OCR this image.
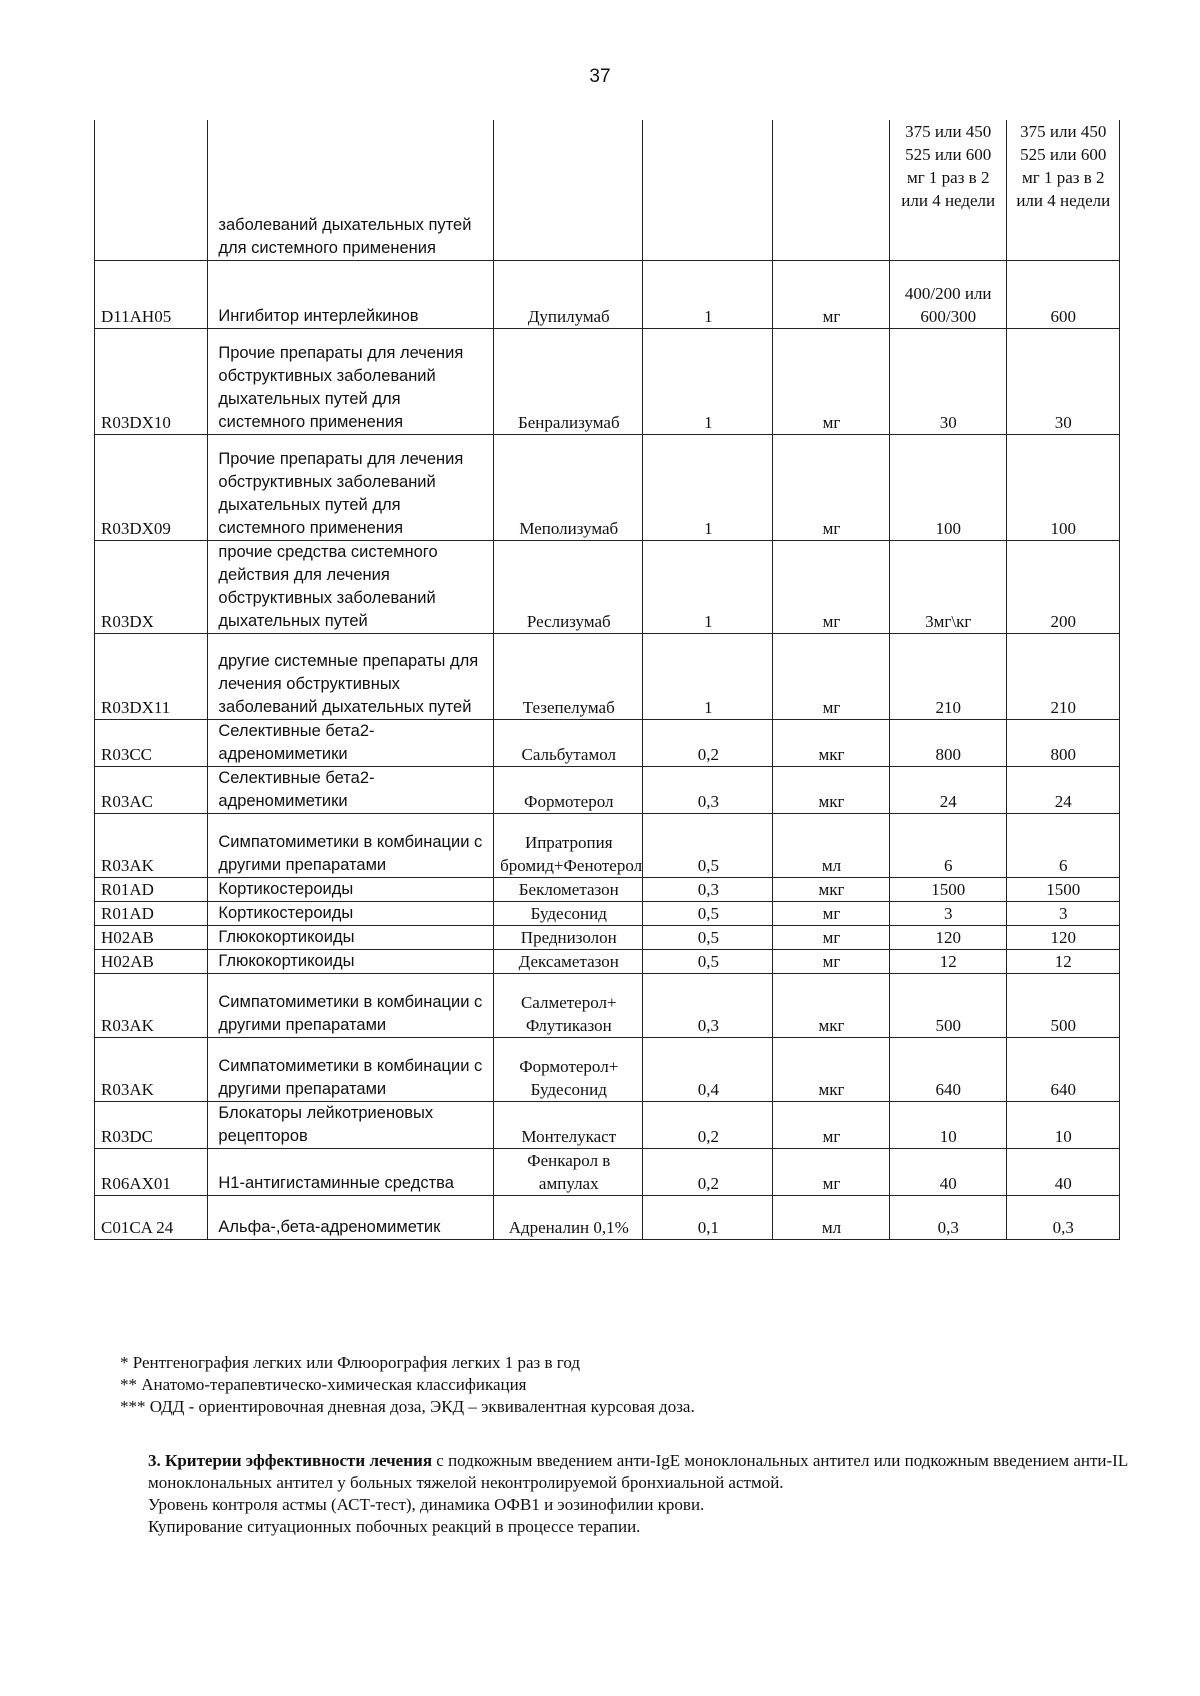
37
	заболеваний дыхательных путей для системного применения				375 или 450 525 или 600 мг 1 раз в 2 или 4 недели	375 или 450 525 или 600 мг 1 раз в 2 или 4 недели
D11AH05	Ингибитор интерлейкинов	Дупилумаб	1	мг	400/200 или 600/300	600
R03DX10	Прочие препараты для лечения обструктивных заболеваний дыхательных путей для системного применения	Бенрализумаб	1	мг	30	30
R03DX09	Прочие препараты для лечения обструктивных заболеваний дыхательных путей для системного применения	Меполизумаб	1	мг	100	100
R03DX	прочие средства системного действия для лечения обструктивных заболеваний дыхательных путей	Реслизумаб	1	мг	3мг\кг	200
R03DX11	другие системные препараты для лечения обструктивных заболеваний дыхательных путей	Тезепелумаб	1	мг	210	210
R03CC	Селективные бета2-адреномиметики	Сальбутамол	0,2	мкг	800	800
R03AC	Селективные бета2-адреномиметики	Формотерол	0,3	мкг	24	24
R03AK	Симпатомиметики в комбинации с другими препаратами	Ипратропия бромид+Фенотерол	0,5	мл	6	6
R01AD	Кортикостероиды	Беклометазон	0,3	мкг	1500	1500
R01AD	Кортикостероиды	Будесонид	0,5	мг	3	3
H02AB	Глюкокортикоиды	Преднизолон	0,5	мг	120	120
H02AB	Глюкокортикоиды	Дексаметазон	0,5	мг	12	12
R03AK	Симпатомиметики в комбинации с другими препаратами	Салметерол+ Флутиказон	0,3	мкг	500	500
R03AK	Симпатомиметики в комбинации с другими препаратами	Формотерол+ Будесонид	0,4	мкг	640	640
R03DC	Блокаторы лейкотриеновых рецепторов	Монтелукаст	0,2	мг	10	10
R06AX01	H1-антигистаминные средства	Фенкарол в ампулах	0,2	мг	40	40
C01CA 24	Альфа-,бета-адреномиметик	Адреналин 0,1%	0,1	мл	0,3	0,3

* Рентгенография легких или Флюорография легких 1 раз в год

** Анатомо-терапевтическо-химическая классификация

*** ОДД - ориентировочная дневная доза, ЭКД – эквивалентная курсовая доза.

3. Критерии эффективности лечения с подкожным введением анти-IgE моноклональных антител или подкожным введением анти-IL моноклональных антител у больных тяжелой неконтролируемой бронхиальной астмой.

Уровень контроля астмы (АСТ-тест), динамика ОФВ1 и эозинофилии крови.

Купирование ситуационных побочных реакций в процессе терапии.
